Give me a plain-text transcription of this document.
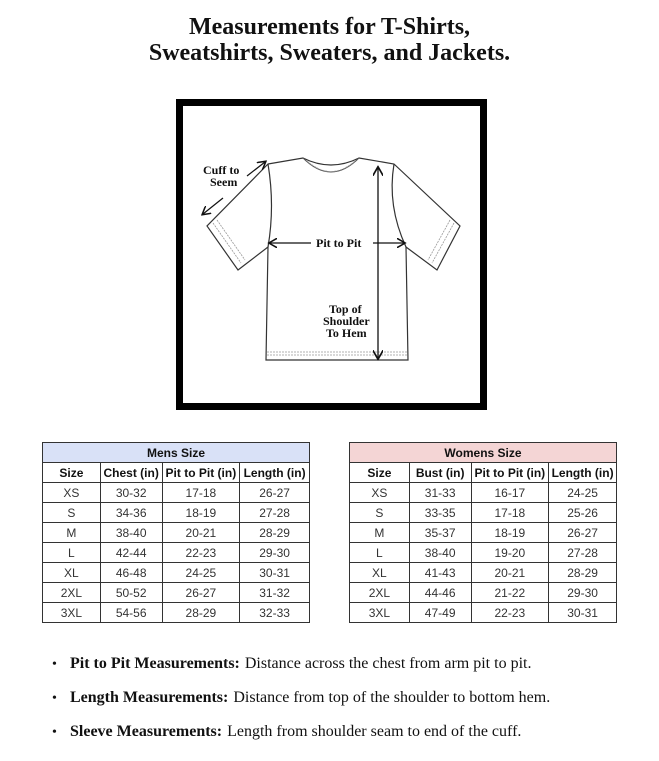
Measurements for T-Shirts,
Sweatshirts, Sweaters, and Jackets.
Cuff to
Seem
Pit to Pit
Top of
Shoulder
To Hem
Mens Size			
Size	Chest (in)	Pit to Pit (in)	Length (in)
XS	30-32	17-18	26-27
S	34-36	18-19	27-28
M	38-40	20-21	28-29
L	42-44	22-23	29-30
XL	46-48	24-25	30-31
2XL	50-52	26-27	31-32
3XL	54-56	28-29	32-33
Womens Size			
Size	Bust (in)	Pit to Pit (in)	Length (in)
XS	31-33	16-17	24-25
S	33-35	17-18	25-26
M	35-37	18-19	26-27
L	38-40	19-20	27-28
XL	41-43	20-21	28-29
2XL	44-46	21-22	29-30
3XL	47-49	22-23	30-31
• Pit to Pit Measurements: Distance across the chest from arm pit to pit.
• Length Measurements: Distance from top of the shoulder to bottom hem.
• Sleeve Measurements: Length from shoulder seam to end of the cuff.
